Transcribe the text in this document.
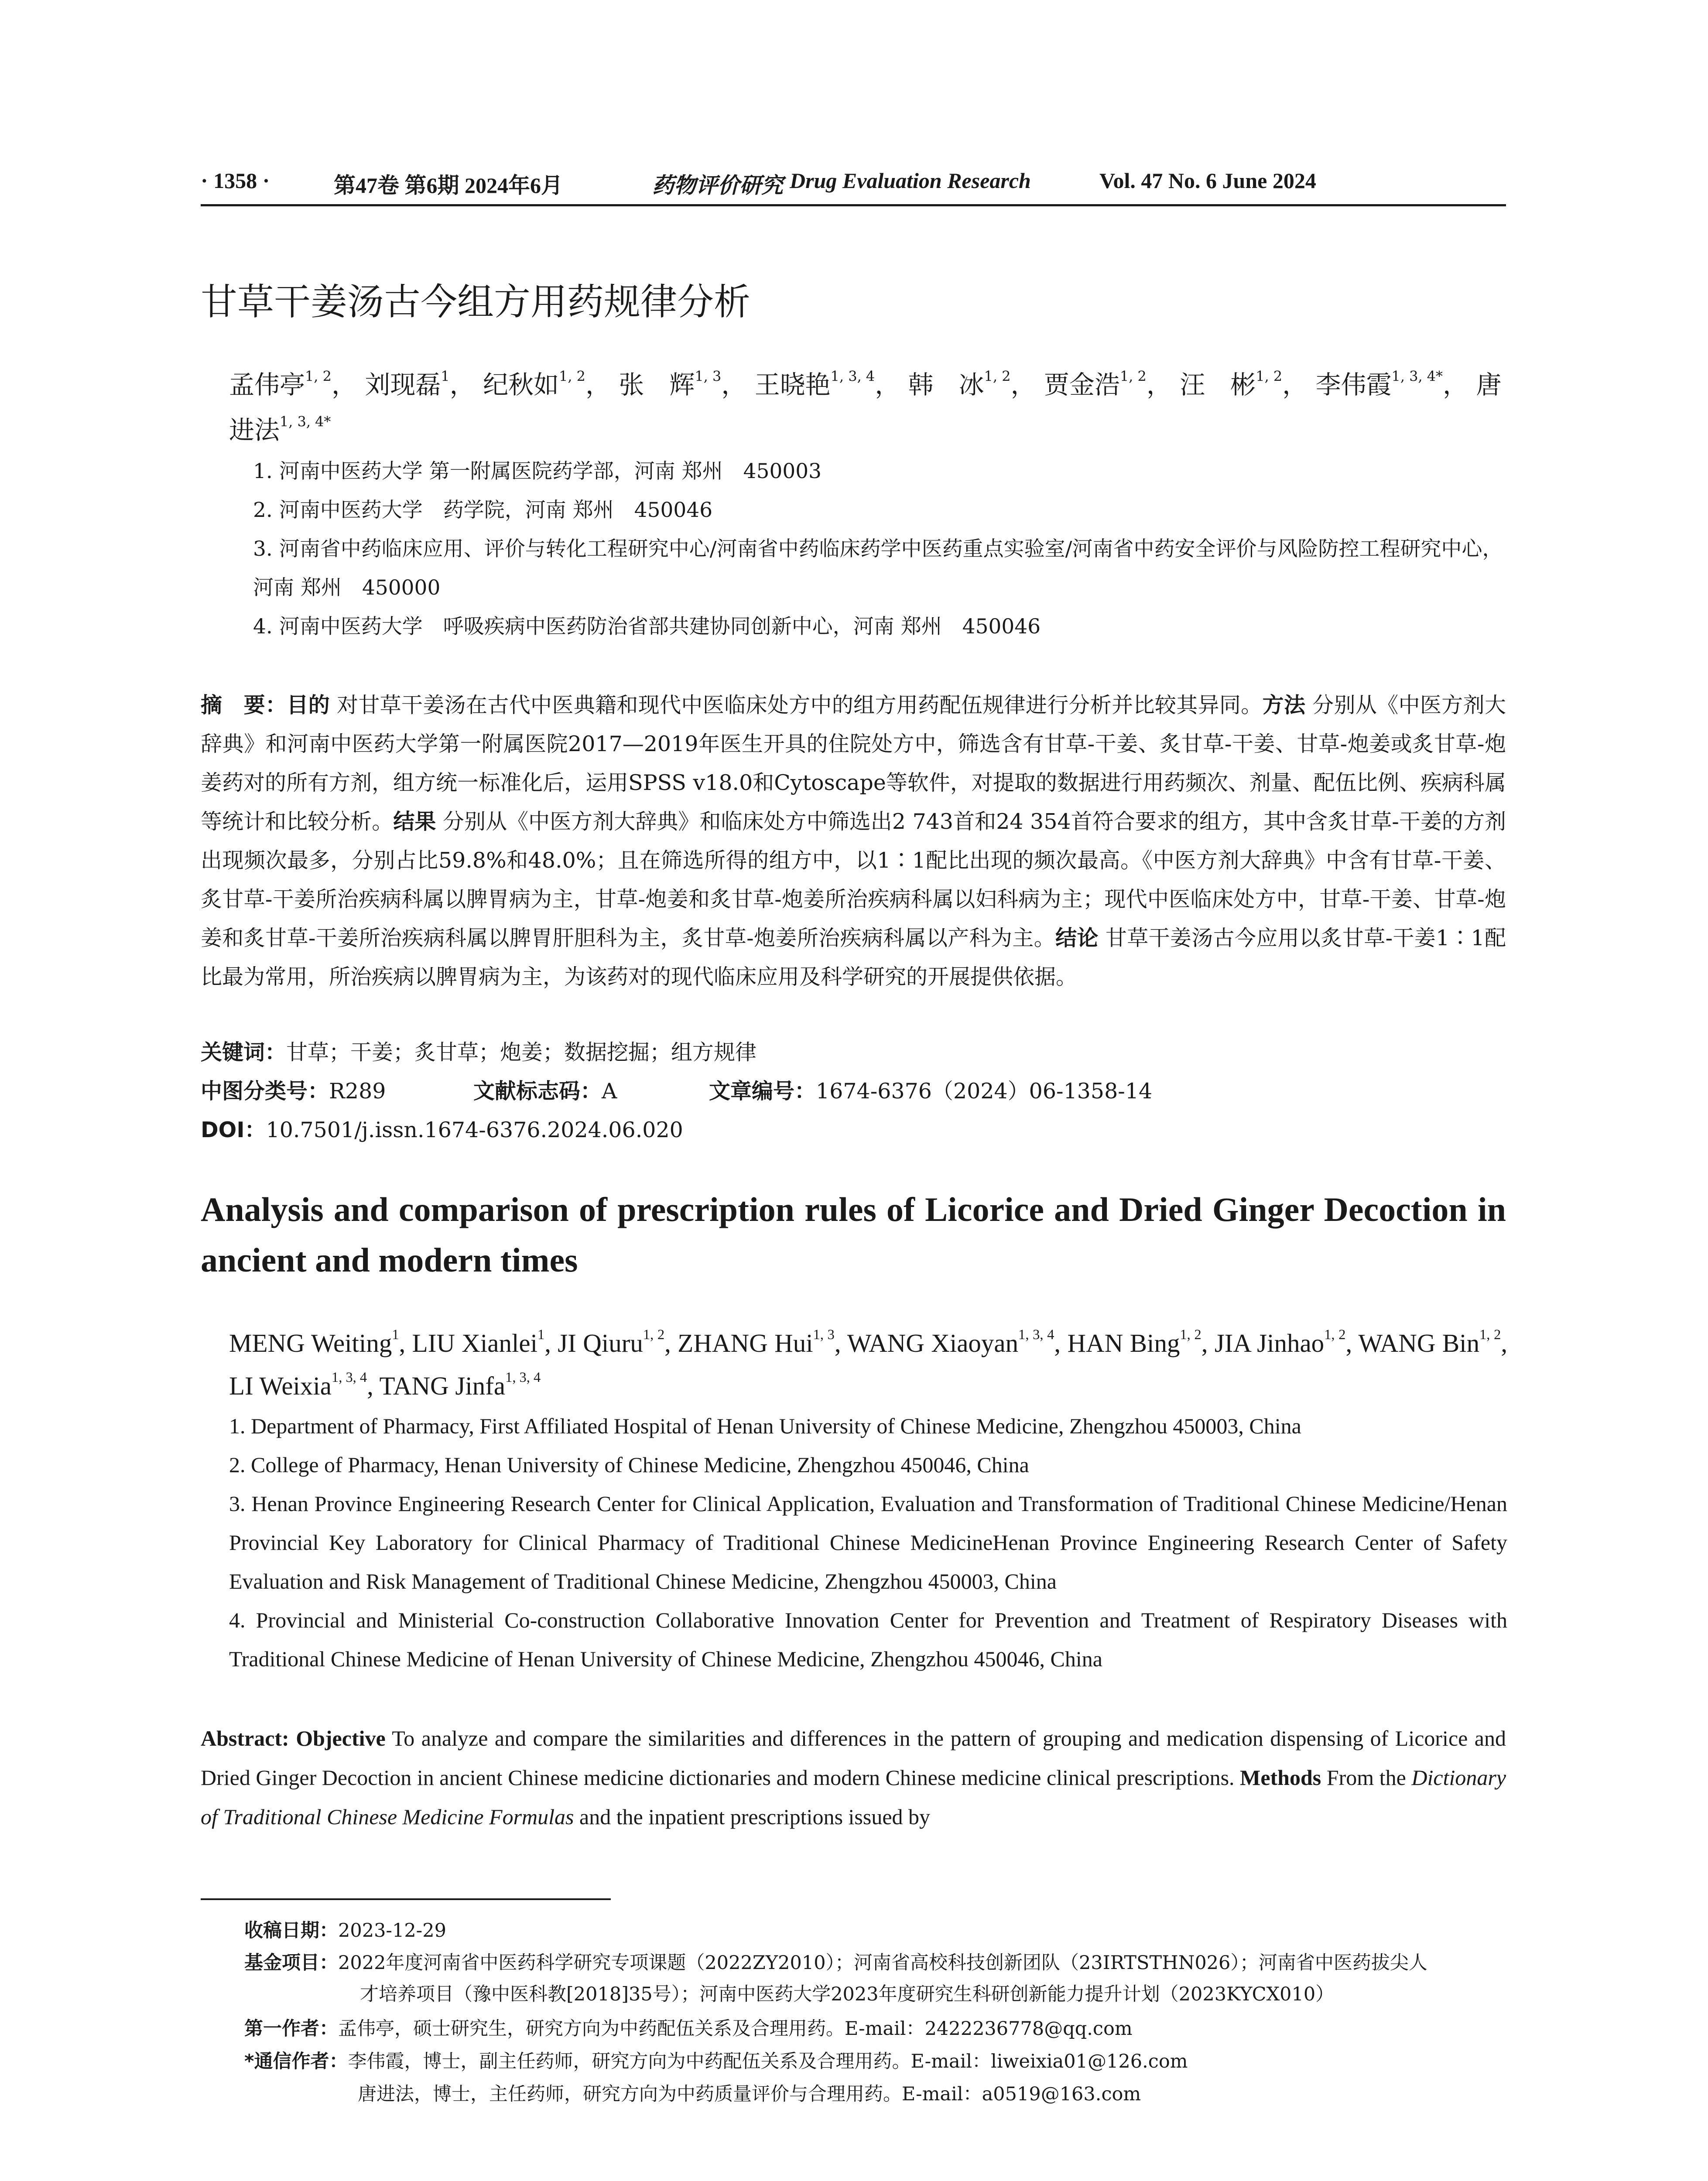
· 1358 ·	第47卷 第6期 2024年6月	药物评价研究 Drug Evaluation Research	Vol. 47 No. 6 June 2024
甘草干姜汤古今组方用药规律分析
孟伟亭$^{1, 2}$， 刘现磊$^1$， 纪秋如$^{1, 2}$， 张　辉$^{1, 3}$， 王晓艳$^{1, 3, 4}$， 韩　冰$^{1, 2}$， 贾金浩$^{1, 2}$， 汪　彬$^{1, 2}$， 李伟霞$^{1, 3, 4*}$， 唐进法$^{1, 3, 4*}$
1. 河南中医药大学 第一附属医院药学部，河南 郑州　450003
2. 河南中医药大学　药学院，河南 郑州　450046
3. 河南省中药临床应用、评价与转化工程研究中心/河南省中药临床药学中医药重点实验室/河南省中药安全评价与风险防控工程研究中心，河南 郑州　450000
4. 河南中医药大学　呼吸疾病中医药防治省部共建协同创新中心，河南 郑州　450046
摘　要：目的 对甘草干姜汤在古代中医典籍和现代中医临床处方中的组方用药配伍规律进行分析并比较其异同。方法 分别从《中医方剂大辞典》和河南中医药大学第一附属医院2017—2019年医生开具的住院处方中，筛选含有甘草-干姜、炙甘草-干姜、甘草-炮姜或炙甘草-炮姜药对的所有方剂，组方统一标准化后，运用SPSS v18.0和Cytoscape等软件，对提取的数据进行用药频次、剂量、配伍比例、疾病科属等统计和比较分析。结果 分别从《中医方剂大辞典》和临床处方中筛选出2 743首和24 354首符合要求的组方，其中含炙甘草-干姜的方剂出现频次最多，分别占比59.8%和48.0%；且在筛选所得的组方中，以1∶1配比出现的频次最高。《中医方剂大辞典》中含有甘草-干姜、炙甘草-干姜所治疾病科属以脾胃病为主，甘草-炮姜和炙甘草-炮姜所治疾病科属以妇科病为主；现代中医临床处方中，甘草-干姜、甘草-炮姜和炙甘草-干姜所治疾病科属以脾胃肝胆科为主，炙甘草-炮姜所治疾病科属以产科为主。结论 甘草干姜汤古今应用以炙甘草-干姜1∶1配比最为常用，所治疾病以脾胃病为主，为该药对的现代临床应用及科学研究的开展提供依据。
关键词：甘草；干姜；炙甘草；炮姜；数据挖掘；组方规律
中图分类号： R289	文献标志码： A	文章编号： 1674-6376（2024）06-1358-14
DOI：10.7501/j.issn.1674-6376.2024.06.020
Analysis and comparison of prescription rules of Licorice and Dried Ginger Decoction in ancient and modern times
MENG Weiting$^1$, LIU Xianlei$^1$, JI Qiuru$^{1, 2}$, ZHANG Hui$^{1, 3}$, WANG Xiaoyan$^{1, 3, 4}$, HAN Bing$^{1, 2}$, JIA Jinhao$^{1, 2}$, WANG Bin$^{1, 2}$, LI Weixia$^{1, 3, 4}$, TANG Jinfa$^{1, 3, 4}$
1. Department of Pharmacy, First Affiliated Hospital of Henan University of Chinese Medicine, Zhengzhou 450003, China
2. College of Pharmacy, Henan University of Chinese Medicine, Zhengzhou 450046, China
3. Henan Province Engineering Research Center for Clinical Application, Evaluation and Transformation of Traditional Chinese Medicine/Henan Provincial Key Laboratory for Clinical Pharmacy of Traditional Chinese MedicineHenan Province Engineering Research Center of Safety Evaluation and Risk Management of Traditional Chinese Medicine, Zhengzhou 450003, China
4. Provincial and Ministerial Co-construction Collaborative Innovation Center for Prevention and Treatment of Respiratory Diseases with Traditional Chinese Medicine of Henan University of Chinese Medicine, Zhengzhou 450046, China
Abstract: Objective To analyze and compare the similarities and differences in the pattern of grouping and medication dispensing of Licorice and Dried Ginger Decoction in ancient Chinese medicine dictionaries and modern Chinese medicine clinical prescriptions. Methods From the Dictionary of Traditional Chinese Medicine Formulas and the inpatient prescriptions issued by
收稿日期：2023-12-29
基金项目：2022年度河南省中医药科学研究专项课题（2022ZY2010）；河南省高校科技创新团队（23IRTSTHN026）；河南省中医药拔尖人
才培养项目（豫中医科教[2018]35号）；河南中医药大学2023年度研究生科研创新能力提升计划（2023KYCX010）
第一作者：孟伟亭，硕士研究生，研究方向为中药配伍关系及合理用药。E-mail：2422236778@qq.com
*通信作者：李伟霞，博士，副主任药师，研究方向为中药配伍关系及合理用药。E-mail：liweixia01@126.com
唐进法，博士，主任药师，研究方向为中药质量评价与合理用药。E-mail：a0519@163.com
